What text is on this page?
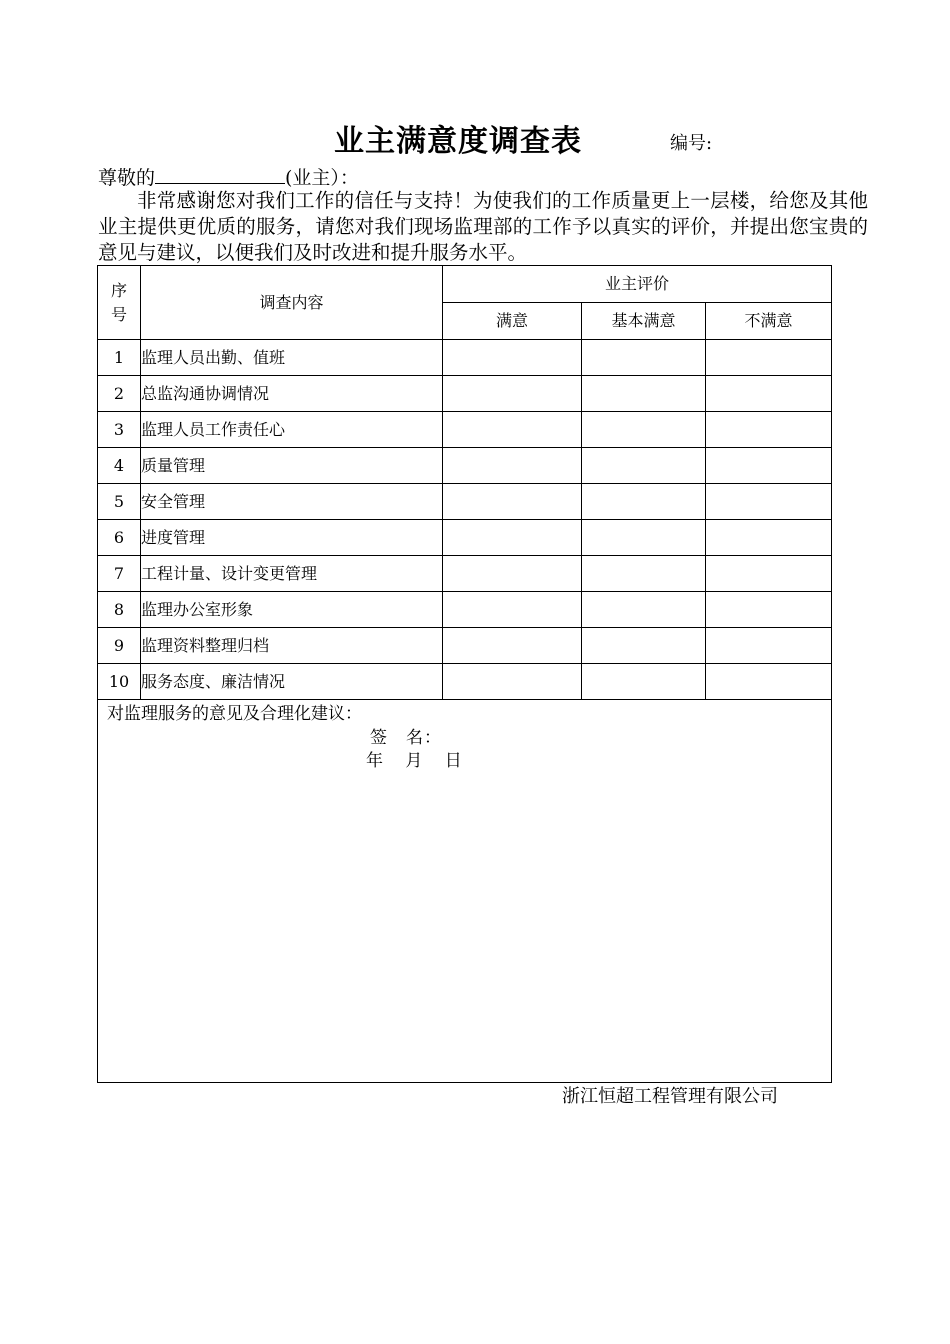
业主满意度调查表	编号:
尊敬的	(业主）：
非常感谢您对我们工作的信任与支持！为使我们的工作质量更上一层楼，给您及其他业主提供更优质的服务，请您对我们现场监理部的工作予以真实的评价，并提出您宝贵的意见与建议，以便我们及时改进和提升服务水平。
序号	调查内容	业主评价		
		满意	基本满意	不满意
1	监理人员出勤、值班			
2	总监沟通协调情况			
3	监理人员工作责任心			
4	质量管理			
5	安全管理			
6	进度管理			
7	工程计量、设计变更管理			
8	监理办公室形象			
9	监理资料整理归档			
10	服务态度、廉洁情况			

对监理服务的意见及合理化建议：
签　名：
年　 月　 日				
浙江恒超工程管理有限公司
